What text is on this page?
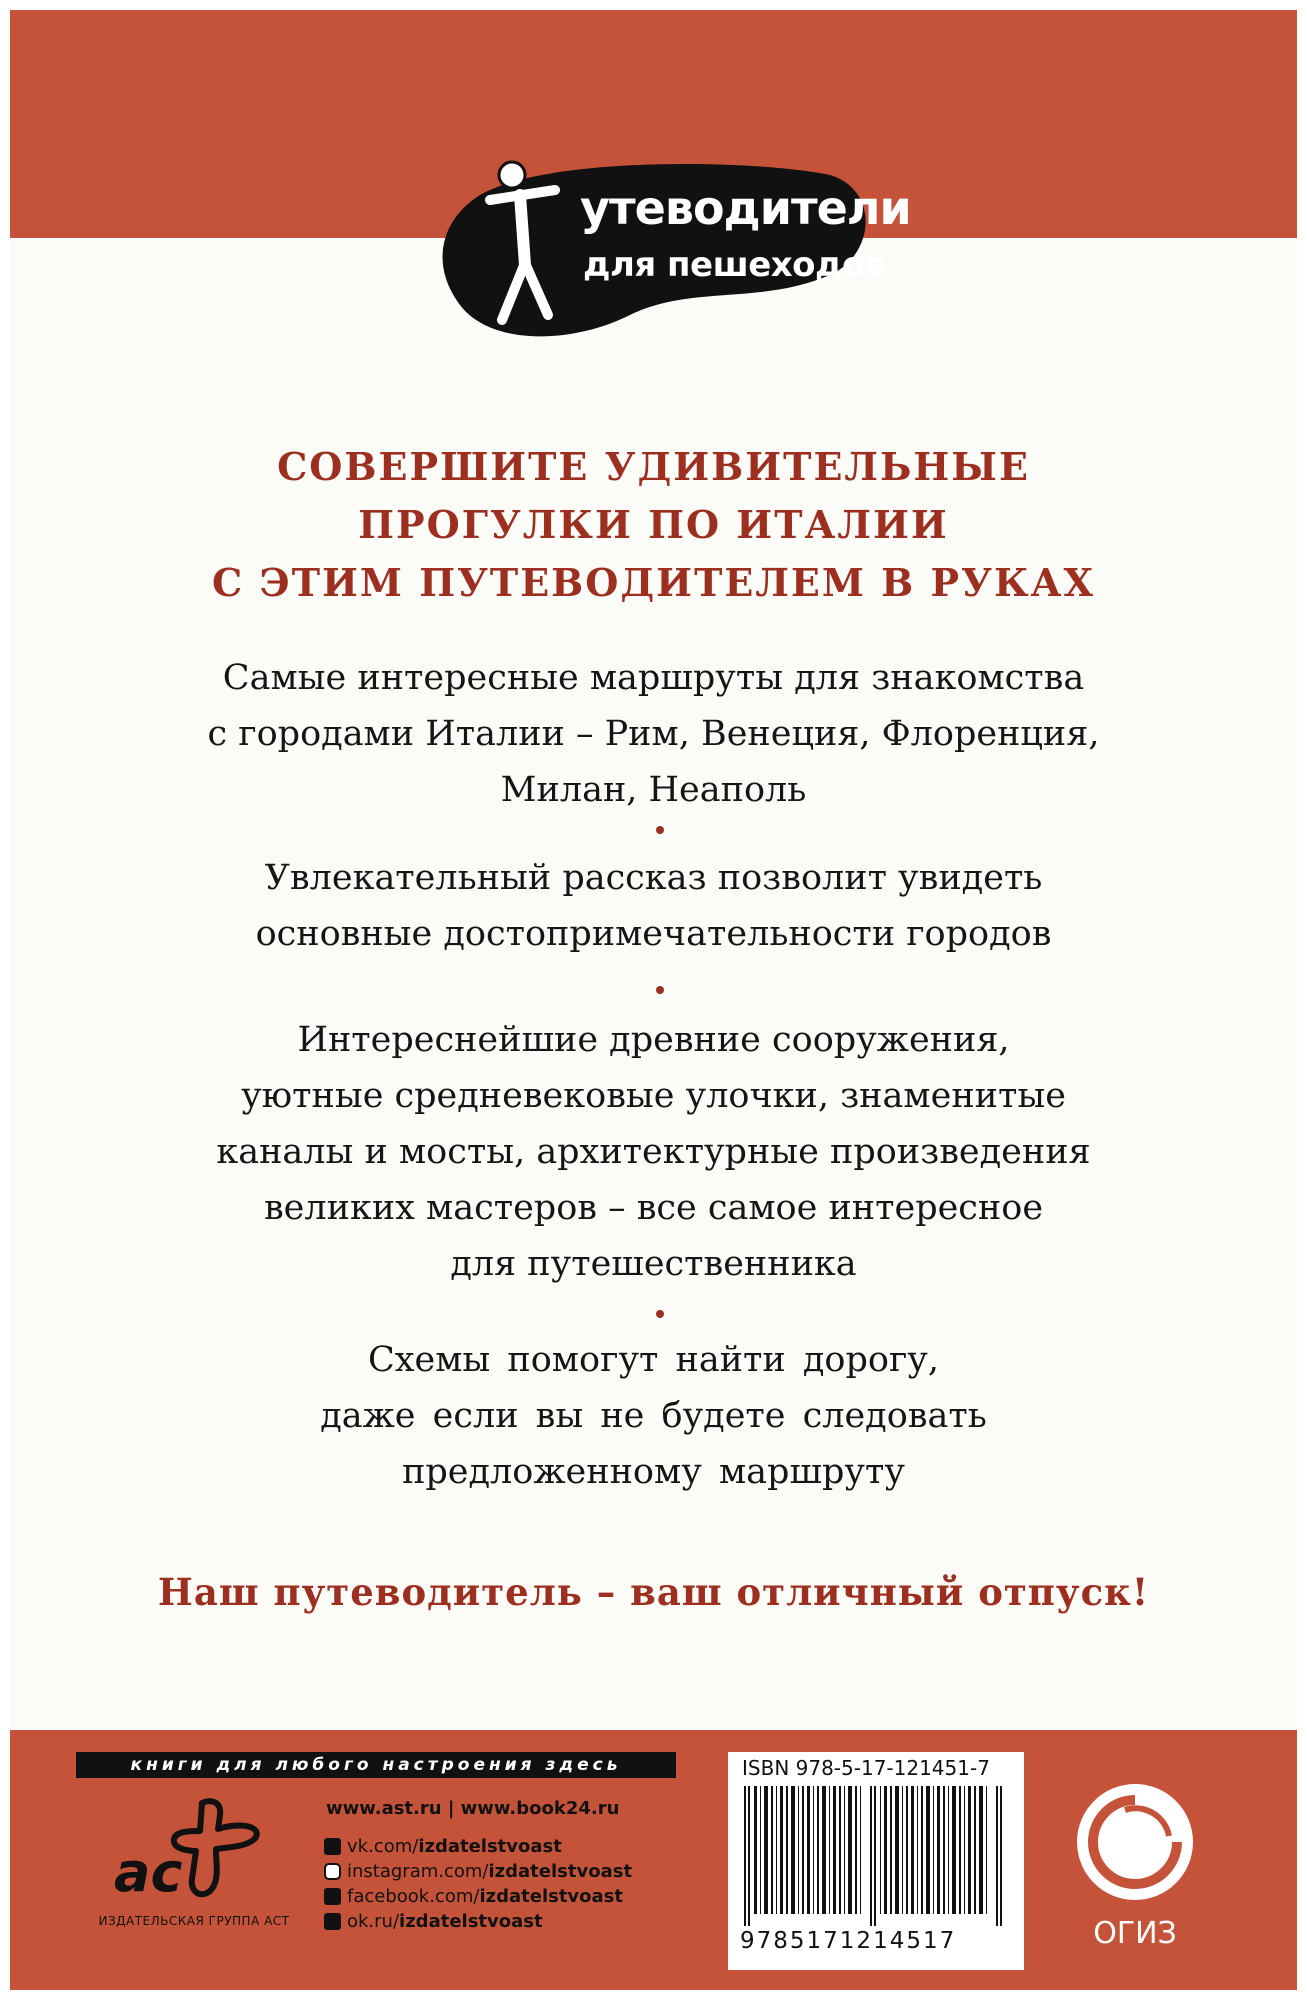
утеводители
для пешеходов
СОВЕРШИТЕ УДИВИТЕЛЬНЫЕ
ПРОГУЛКИ ПО ИТАЛИИ
С ЭТИМ ПУТЕВОДИТЕЛЕМ В РУКАХ
Самые интересные маршруты для знакомства
с городами Италии – Рим, Венеция, Флоренция,
Милан, Неаполь
Увлекательный рассказ позволит увидеть
основные достопримечательности городов
Интереснейшие древние сооружения,
уютные средневековые улочки, знаменитые
каналы и мосты, архитектурные произведения
великих мастеров – все самое интересное
для путешественника
Схемы помогут найти дорогу,
даже если вы не будете следовать
предложенному маршруту
Наш путеводитель – ваш отличный отпуск!
книги для любого настроения здесь
ас
ИЗДАТЕЛЬСКАЯ ГРУППА АСТ
www.ast.ru | www.book24.ru
vk.com/ izdatelstvoast
instagram.com/ izdatelstvoast
facebook.com/ izdatelstvoast
ok.ru/ izdatelstvoast
ISBN 978-5-17-121451-7
9785171214517	ОГИЗ
